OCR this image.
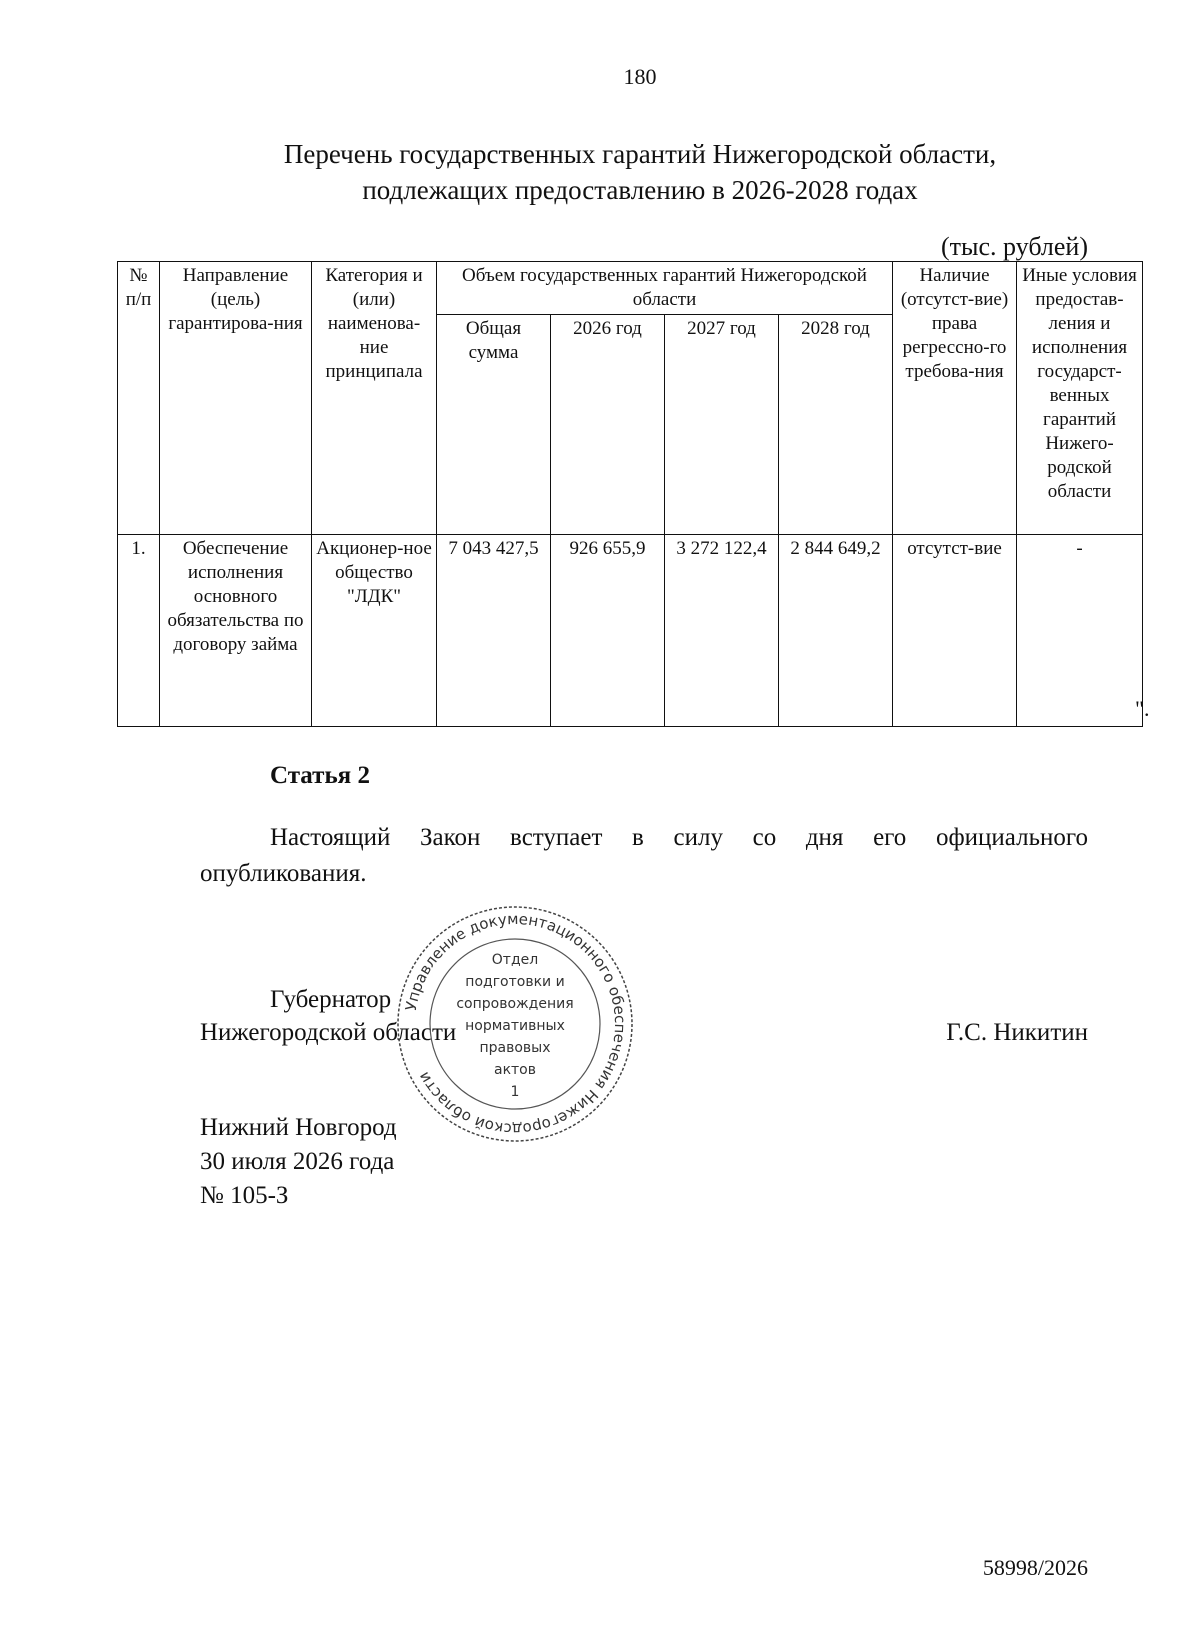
180
Перечень государственных гарантий Нижегородской области,
подлежащих предоставлению в 2026-2028 годах
(тыс. рублей)
№ п/п	Направление (цель) гарантирова-ния	Категория и (или) наименова-ние принципала	Объем государственных гарантий Нижегородской области				Наличие (отсутст-вие) права регрессно-го требова-ния	Иные условия предостав-ления и исполнения государст-венных гарантий Нижего-родской области
			Общая сумма	2026 год	2027 год	2028 год		
1.	Обеспечение исполнения основного обязательства по договору займа	Акционер-ное общество "ЛДК"	7 043 427,5	926 655,9	3 272 122,4	2 844 649,2	отсутст-вие	-
".
Статья 2
Настоящий Закон вступает в силу со дня его официального
опубликования.
Губернатор
Нижегородской области	Г.С. Никитин
Нижний Новгород
30 июля 2026 года
№ 105-З
Управление документационного обеспечения Нижегородской области
Отдел
подготовки и
сопровождения
нормативных
правовых
актов
1
58998/2026
